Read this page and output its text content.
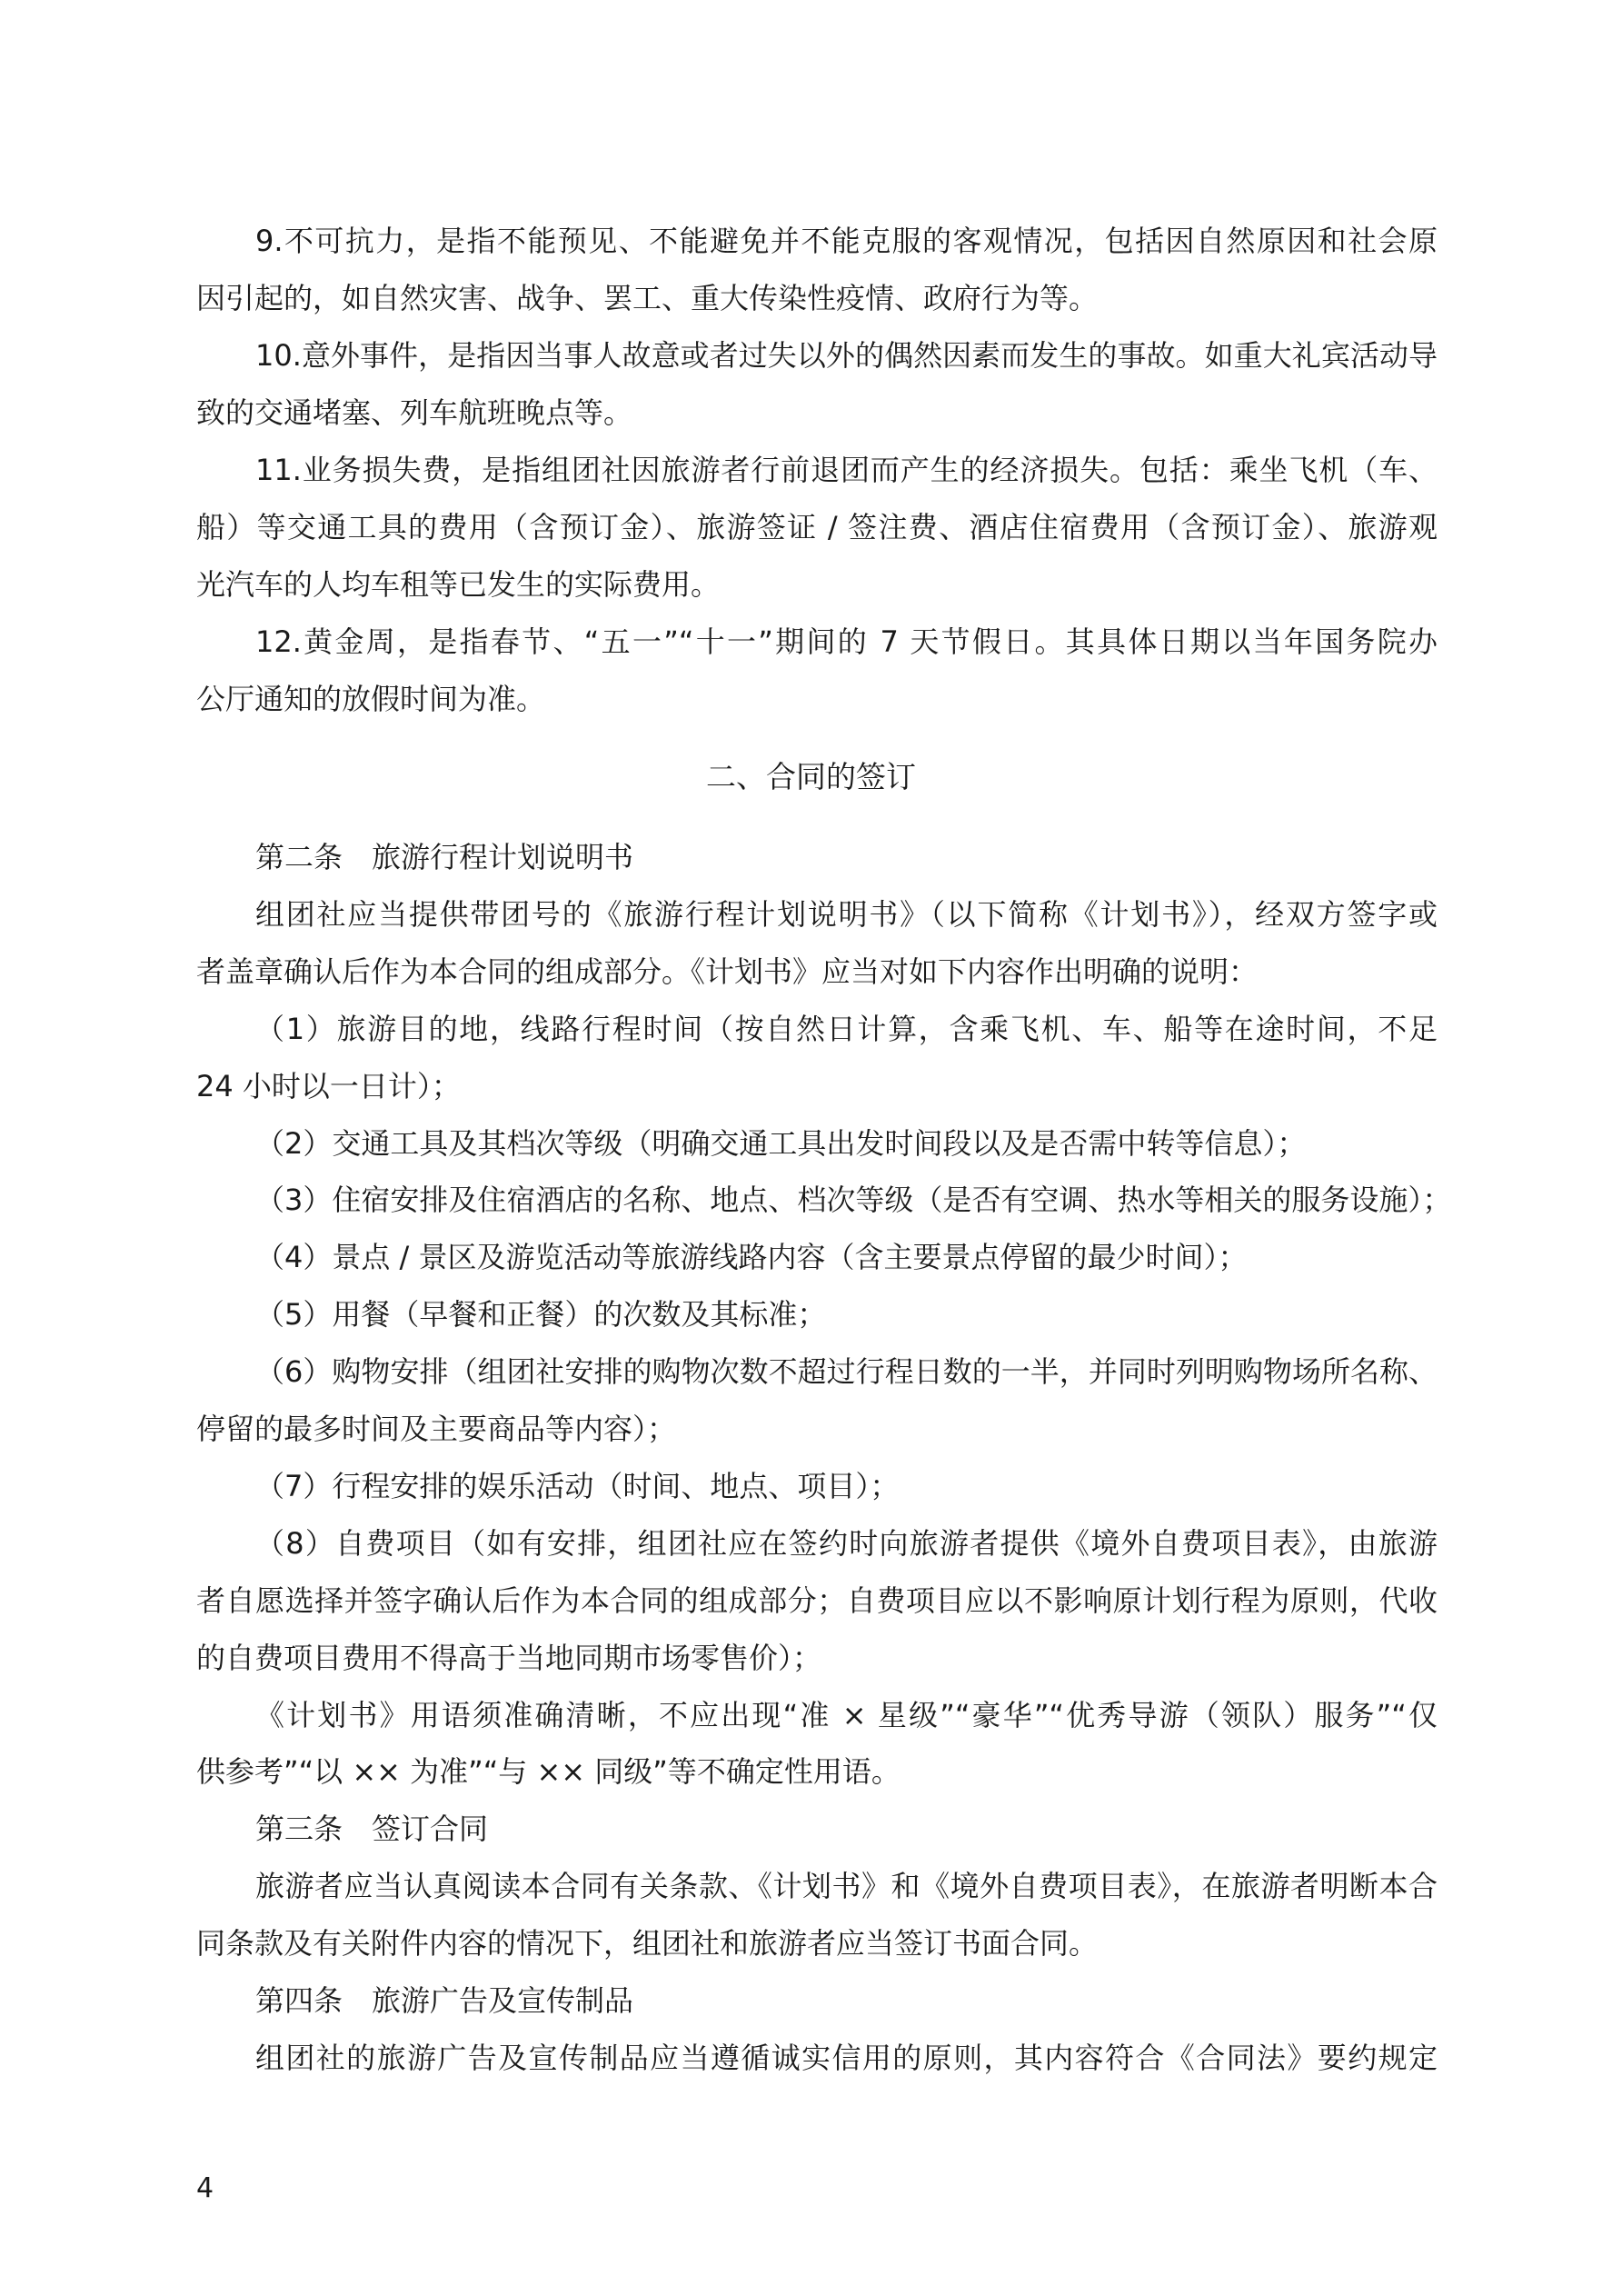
二、合同的签订
4
9.不可抗力，是指不能预见、不能避免并不能克服的客观情况，包括因自然原因和社会原
因引起的，如自然灾害、战争、罢工、重大传染性疫情、政府行为等。
10.意外事件，是指因当事人故意或者过失以外的偶然因素而发生的事故。如重大礼宾活动导
致的交通堵塞、列车航班晚点等。
11.业务损失费，是指组团社因旅游者行前退团而产生的经济损失。包括：乘坐飞机（车、
船）等交通工具的费用（含预订金）、旅游签证 / 签注费、酒店住宿费用（含预订金）、旅游观
光汽车的人均车租等已发生的实际费用。
12.黄金周，是指春节、“五一”“十一”期间的 7 天节假日。其具体日期以当年国务院办
公厅通知的放假时间为准。
第二条　旅游行程计划说明书
组团社应当提供带团号的《旅游行程计划说明书》（以下简称《计划书》），经双方签字或
者盖章确认后作为本合同的组成部分。《计划书》应当对如下内容作出明确的说明：
（1）旅游目的地，线路行程时间（按自然日计算，含乘飞机、车、船等在途时间，不足
24 小时以一日计）；
（2）交通工具及其档次等级（明确交通工具出发时间段以及是否需中转等信息）；
（3）住宿安排及住宿酒店的名称、地点、档次等级（是否有空调、热水等相关的服务设施）；
（4）景点 / 景区及游览活动等旅游线路内容（含主要景点停留的最少时间）；
（5）用餐（早餐和正餐）的次数及其标准；
（6）购物安排（组团社安排的购物次数不超过行程日数的一半，并同时列明购物场所名称、
停留的最多时间及主要商品等内容）；
（7）行程安排的娱乐活动（时间、地点、项目）；
（8）自费项目（如有安排，组团社应在签约时向旅游者提供《境外自费项目表》，由旅游
者自愿选择并签字确认后作为本合同的组成部分；自费项目应以不影响原计划行程为原则，代收
的自费项目费用不得高于当地同期市场零售价）；
《计划书》用语须准确清晰，不应出现“准 × 星级”“豪华”“优秀导游（领队）服务”“仅
供参考”“以 ×× 为准”“与 ×× 同级”等不确定性用语。
第三条　签订合同
旅游者应当认真阅读本合同有关条款、《计划书》和《境外自费项目表》，在旅游者明断本合
同条款及有关附件内容的情况下，组团社和旅游者应当签订书面合同。
第四条　旅游广告及宣传制品
组团社的旅游广告及宣传制品应当遵循诚实信用的原则，其内容符合《合同法》要约规定
